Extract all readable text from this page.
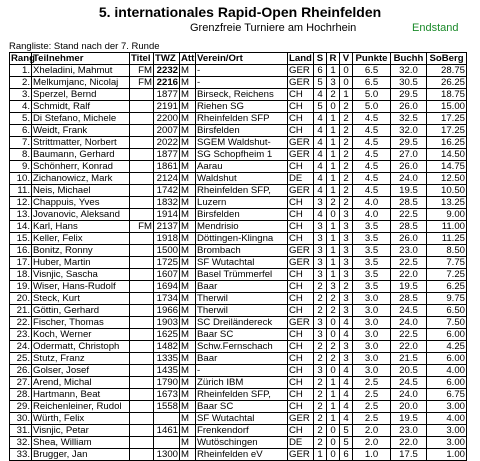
5. internationales Rapid-Open Rheinfelden
Grenzfreie Turniere am Hochrhein	Endstand
Rangliste: Stand nach der 7. Runde
Rang	Teilnehmer	Titel	TWZ	Att	Verein/Ort	Land	S	R	V	Punkte	Buchh	SoBerg
1.	Xheladini, Mahmut	FM	2232	M	-	GER	6	1	0	6.5	32.0	28.75
2.	Melkumjanc, Nicolaj	FM	2216	M	-	GER	5	3	0	6.5	30.5	26.25
3.	Sperzel, Bernd		1877	M	Birseck, Reichens	CH	4	2	1	5.0	29.5	18.75
4.	Schmidt, Ralf		2191	M	Riehen SG	CH	5	0	2	5.0	26.0	15.00
5.	Di Stefano, Michele		2200	M	Rheinfelden SFP	CH	4	1	2	4.5	32.5	17.25
6.	Weidt, Frank		2007	M	Birsfelden	CH	4	1	2	4.5	32.0	17.25
7.	Strittmatter, Norbert		2022	M	SGEM Waldshut-	GER	4	1	2	4.5	29.5	16.25
8.	Baumann, Gerhard		1877	M	SG Schopfheim 1	GER	4	1	2	4.5	27.0	14.50
9.	Schönherr, Konrad		1861	M	Aarau	CH	4	1	2	4.5	26.0	14.75
10.	Zichanowicz, Mark		2124	M	Waldshut	DE	4	1	2	4.5	24.0	12.50
11.	Neis, Michael		1742	M	Rheinfelden SFP,	GER	4	1	2	4.5	19.5	10.50
12.	Chappuis, Yves		1832	M	Luzern	CH	3	2	2	4.0	28.5	13.25
13.	Jovanovic, Aleksand		1914	M	Birsfelden	CH	4	0	3	4.0	22.5	9.00
14.	Karl, Hans	FM	2137	M	Mendrisio	CH	3	1	3	3.5	28.5	11.00
15.	Keller, Felix		1918	M	Döttingen-Klingna	CH	3	1	3	3.5	26.0	11.25
16.	Bonitz, Ronny		1500	M	Brombach	GER	3	1	3	3.5	23.0	8.50
17.	Huber, Martin		1725	M	SF Wutachtal	GER	3	1	3	3.5	22.5	7.75
18.	Visnjic, Sascha		1607	M	Basel Trümmerfel	CH	3	1	3	3.5	22.0	7.25
19.	Wiser, Hans-Rudolf		1694	M	Baar	CH	2	3	2	3.5	19.5	6.25
20.	Steck, Kurt		1734	M	Therwil	CH	2	2	3	3.0	28.5	9.75
21.	Göttin, Gerhard		1966	M	Therwil	CH	2	2	3	3.0	24.5	6.50
22.	Fischer, Thomas		1903	M	SC Dreiländereck	GER	3	0	4	3.0	24.0	7.50
23.	Koch, Werner		1625	M	Baar SC	CH	3	0	4	3.0	22.5	6.00
24.	Odermatt, Christoph		1482	M	Schw.Fernschach	CH	2	2	3	3.0	22.0	4.25
25.	Stutz, Franz		1335	M	Baar	CH	2	2	3	3.0	21.5	6.00
26.	Golser, Josef		1435	M	-	CH	3	0	4	3.0	20.5	4.00
27.	Arend, Michal		1790	M	Zürich IBM	CH	2	1	4	2.5	24.5	6.00
28.	Hartmann, Beat		1673	M	Rheinfelden SFP,	CH	2	1	4	2.5	24.0	6.75
29.	Reichenleiner, Rudol		1558	M	Baar SC	CH	2	1	4	2.5	20.0	3.00
30.	Würth, Felix			M	SF Wutachtal	GER	2	1	4	2.5	19.5	4.00
31.	Visnjic, Petar		1461	M	Frenkendorf	CH	2	0	5	2.0	23.0	3.00
32.	Shea, William			M	Wutöschingen	DE	2	0	5	2.0	22.0	3.00
33.	Brugger, Jan		1300	M	Rheinfelden eV	GER	1	0	6	1.0	17.5	1.00
